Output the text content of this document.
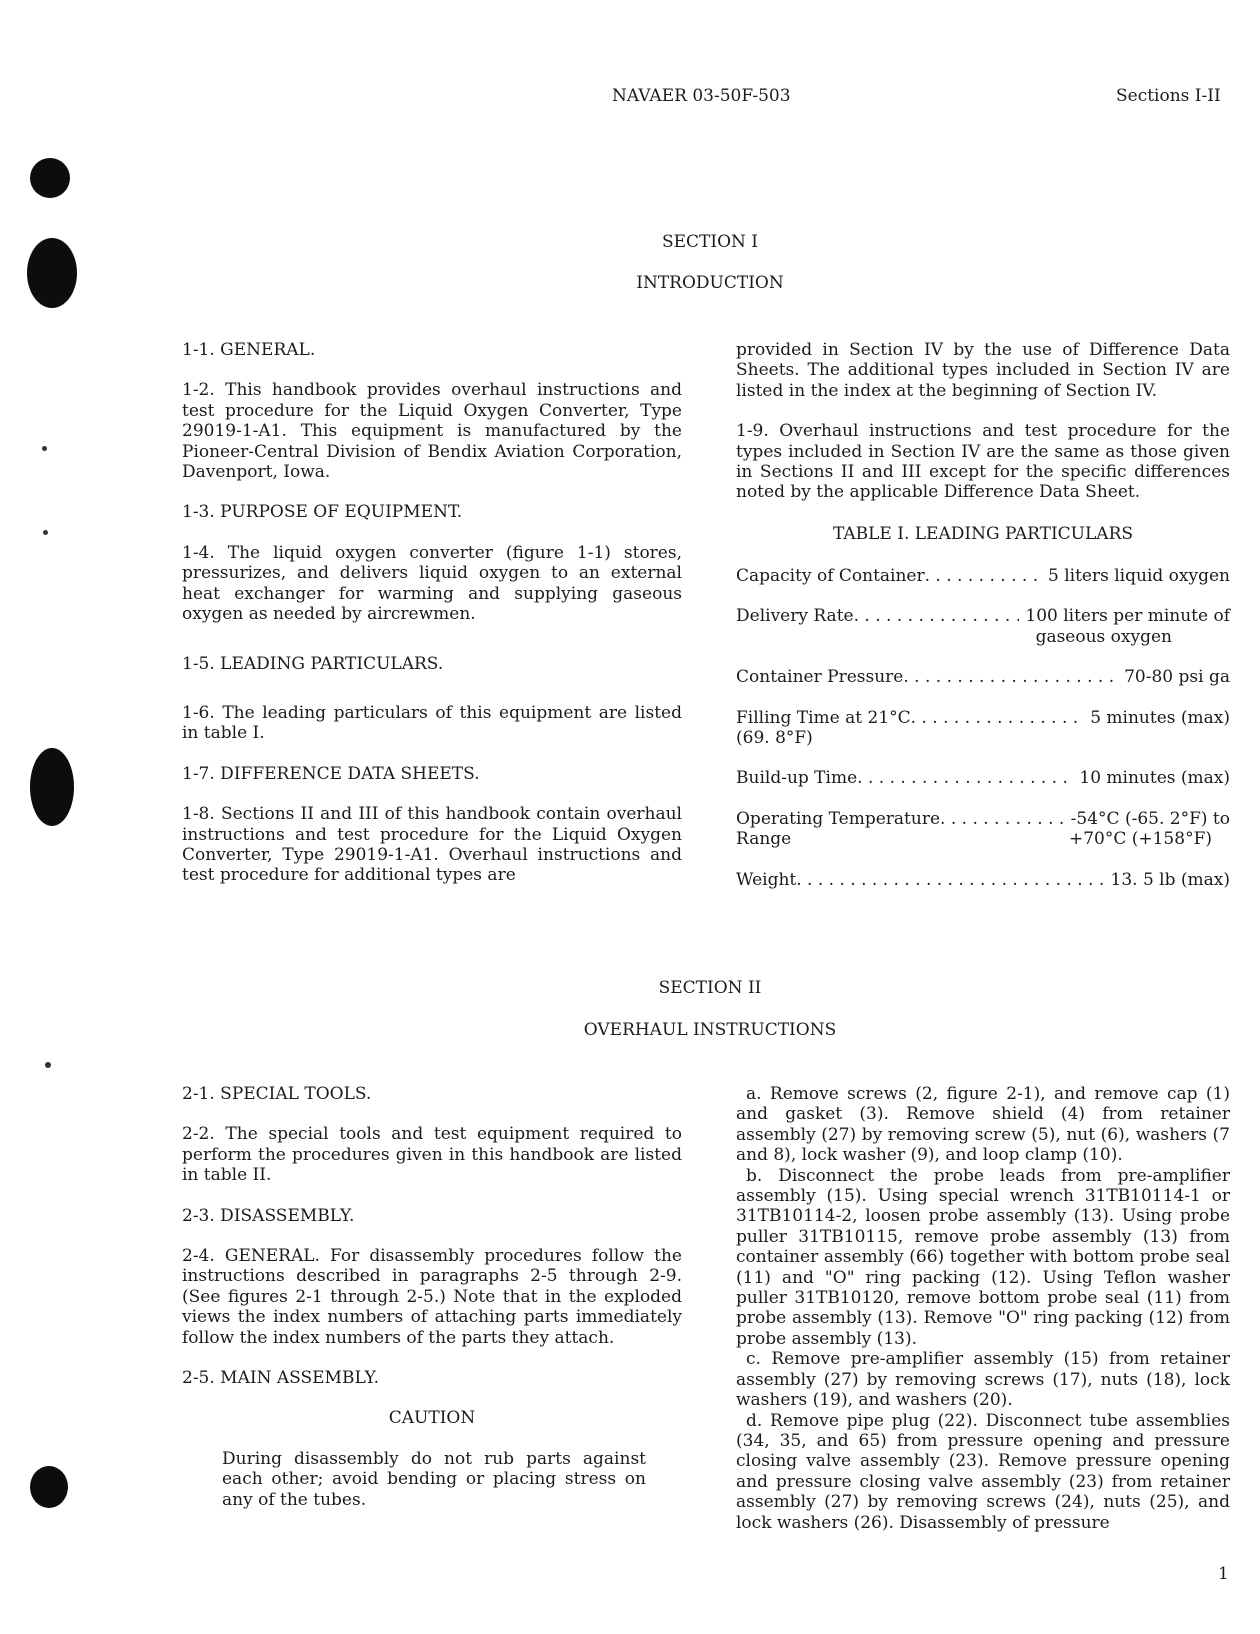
NAVAER 03-50F-503	Sections I-II
SECTION I
INTRODUCTION

1-1. GENERAL.

1-2. This handbook provides overhaul instructions and test procedure for the Liquid Oxygen Converter, Type 29019-1-A1. This equipment is manufactured by the Pioneer-Central Division of Bendix Aviation Corporation, Davenport, Iowa.

1-3. PURPOSE OF EQUIPMENT.

1-4. The liquid oxygen converter (figure 1-1) stores, pressurizes, and delivers liquid oxygen to an external heat exchanger for warming and supplying gaseous oxygen as needed by aircrewmen.

1-5. LEADING PARTICULARS.

1-6. The leading particulars of this equipment are listed in table I.

1-7. DIFFERENCE DATA SHEETS.

1-8. Sections II and III of this handbook contain overhaul instructions and test procedure for the Liquid Oxygen Converter, Type 29019-1-A1. Overhaul instructions and test procedure for additional types are

provided in Section IV by the use of Difference Data Sheets. The additional types included in Section IV are listed in the index at the beginning of Section IV.

1-9. Overhaul instructions and test procedure for the types included in Section IV are the same as those given in Sections II and III except for the specific differences noted by the applicable Difference Data Sheet.

TABLE I. LEADING PARTICULARS
Capacity of Container . . .	5 liters liquid oxygen
Delivery Rate . . .	100 liters per minute of
gaseous oxygen
Container Pressure . . .	70-80 psi ga
Filling Time at 21°C . . .	5 minutes (max)
(69. 8°F)
Build-up Time . . .	10 minutes (max)
Operating Temperature . . .	-54°C (-65. 2°F) to
Range	+70°C (+158°F)
Weight . . .	13. 5 lb (max)
SECTION II
OVERHAUL INSTRUCTIONS

2-1. SPECIAL TOOLS.

2-2. The special tools and test equipment required to perform the procedures given in this handbook are listed in table II.

2-3. DISASSEMBLY.

2-4. GENERAL. For disassembly procedures follow the instructions described in paragraphs 2-5 through 2-9. (See figures 2-1 through 2-5.) Note that in the exploded views the index numbers of attaching parts immediately follow the index numbers of the parts they attach.

2-5. MAIN ASSEMBLY.

CAUTION

During disassembly do not rub parts against each other; avoid bending or placing stress on any of the tubes.

a. Remove screws (2, figure 2-1), and remove cap (1) and gasket (3). Remove shield (4) from retainer assembly (27) by removing screw (5), nut (6), washers (7 and 8), lock washer (9), and loop clamp (10).

b. Disconnect the probe leads from pre-amplifier assembly (15). Using special wrench 31TB10114-1 or 31TB10114-2, loosen probe assembly (13). Using probe puller 31TB10115, remove probe assembly (13) from container assembly (66) together with bottom probe seal (11) and "O" ring packing (12). Using Teflon washer puller 31TB10120, remove bottom probe seal (11) from probe assembly (13). Remove "O" ring packing (12) from probe assembly (13).

c. Remove pre-amplifier assembly (15) from retainer assembly (27) by removing screws (17), nuts (18), lock washers (19), and washers (20).

d. Remove pipe plug (22). Disconnect tube assemblies (34, 35, and 65) from pressure opening and pressure closing valve assembly (23). Remove pressure opening and pressure closing valve assembly (23) from retainer assembly (27) by removing screws (24), nuts (25), and lock washers (26). Disassembly of pressure

1
